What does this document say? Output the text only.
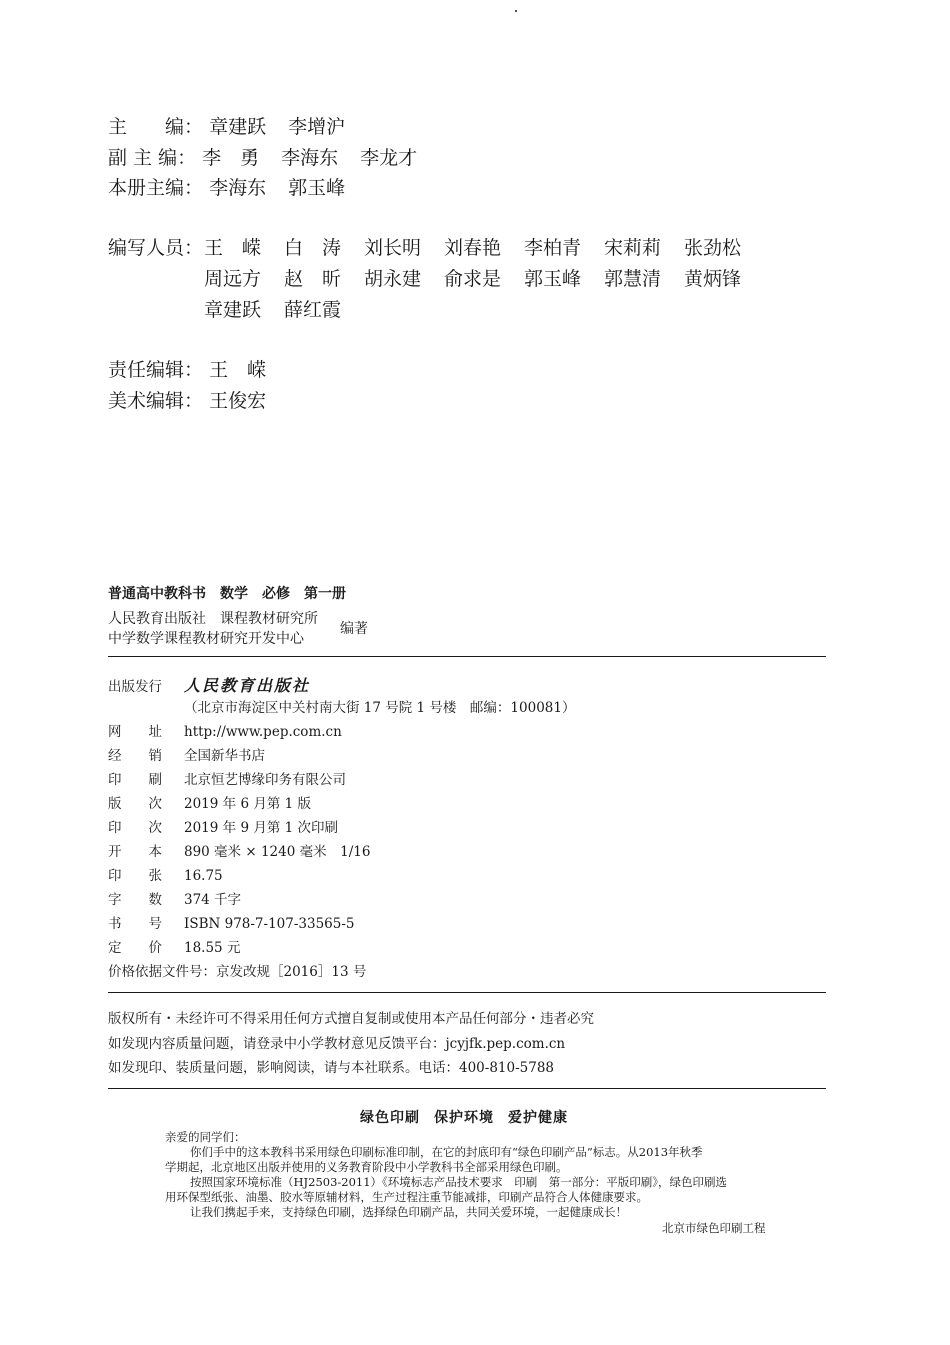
主　　编： 章建跃 李增沪
副 主 编： 李　勇 李海东 李龙才
本册主编： 李海东 郭玉峰
编写人员： 王　嵘 白　涛 刘长明 刘春艳 李柏青 宋莉莉 张劲松
周远方 赵　昕 胡永建 俞求是 郭玉峰 郭慧清 黄炳锋
章建跃 薛红霞
责任编辑： 王　嵘
美术编辑： 王俊宏
普通高中教科书　数学　必修　第一册
人民教育出版社　课程教材研究所
中学数学课程教材研究开发中心
编著
出版发行 人民教育出版社
（北京市海淀区中关村南大街 17 号院 1 号楼　邮编：100081）
网　　址 http://www.pep.com.cn
经　　销 全国新华书店
印　　刷 北京恒艺博缘印务有限公司
版　　次 2019 年 6 月第 1 版
印　　次 2019 年 9 月第 1 次印刷
开　　本 890 毫米 × 1240 毫米　1/16
印　　张 16.75
字　　数 374 千字
书　　号 ISBN 978-7-107-33565-5
定　　价 18.55 元
价格依据文件号：京发改规［2016］13 号
版权所有・未经许可不得采用任何方式擅自复制或使用本产品任何部分・违者必究
如发现内容质量问题，请登录中小学教材意见反馈平台：jcyjfk.pep.com.cn
如发现印、装质量问题，影响阅读，请与本社联系。电话：400-810-5788
绿色印刷 保护环境 爱护健康
亲爱的同学们：
你们手中的这本教科书采用绿色印刷标准印制，在它的封底印有“绿色印刷产品”标志。从2013年秋季
学期起，北京地区出版并使用的义务教育阶段中小学教科书全部采用绿色印刷。
按照国家环境标准（HJ2503-2011）《环境标志产品技术要求　印刷　第一部分：平版印刷》，绿色印刷选
用环保型纸张、油墨、胶水等原辅材料，生产过程注重节能减排，印刷产品符合人体健康要求。
让我们携起手来，支持绿色印刷，选择绿色印刷产品，共同关爱环境，一起健康成长！
北京市绿色印刷工程
